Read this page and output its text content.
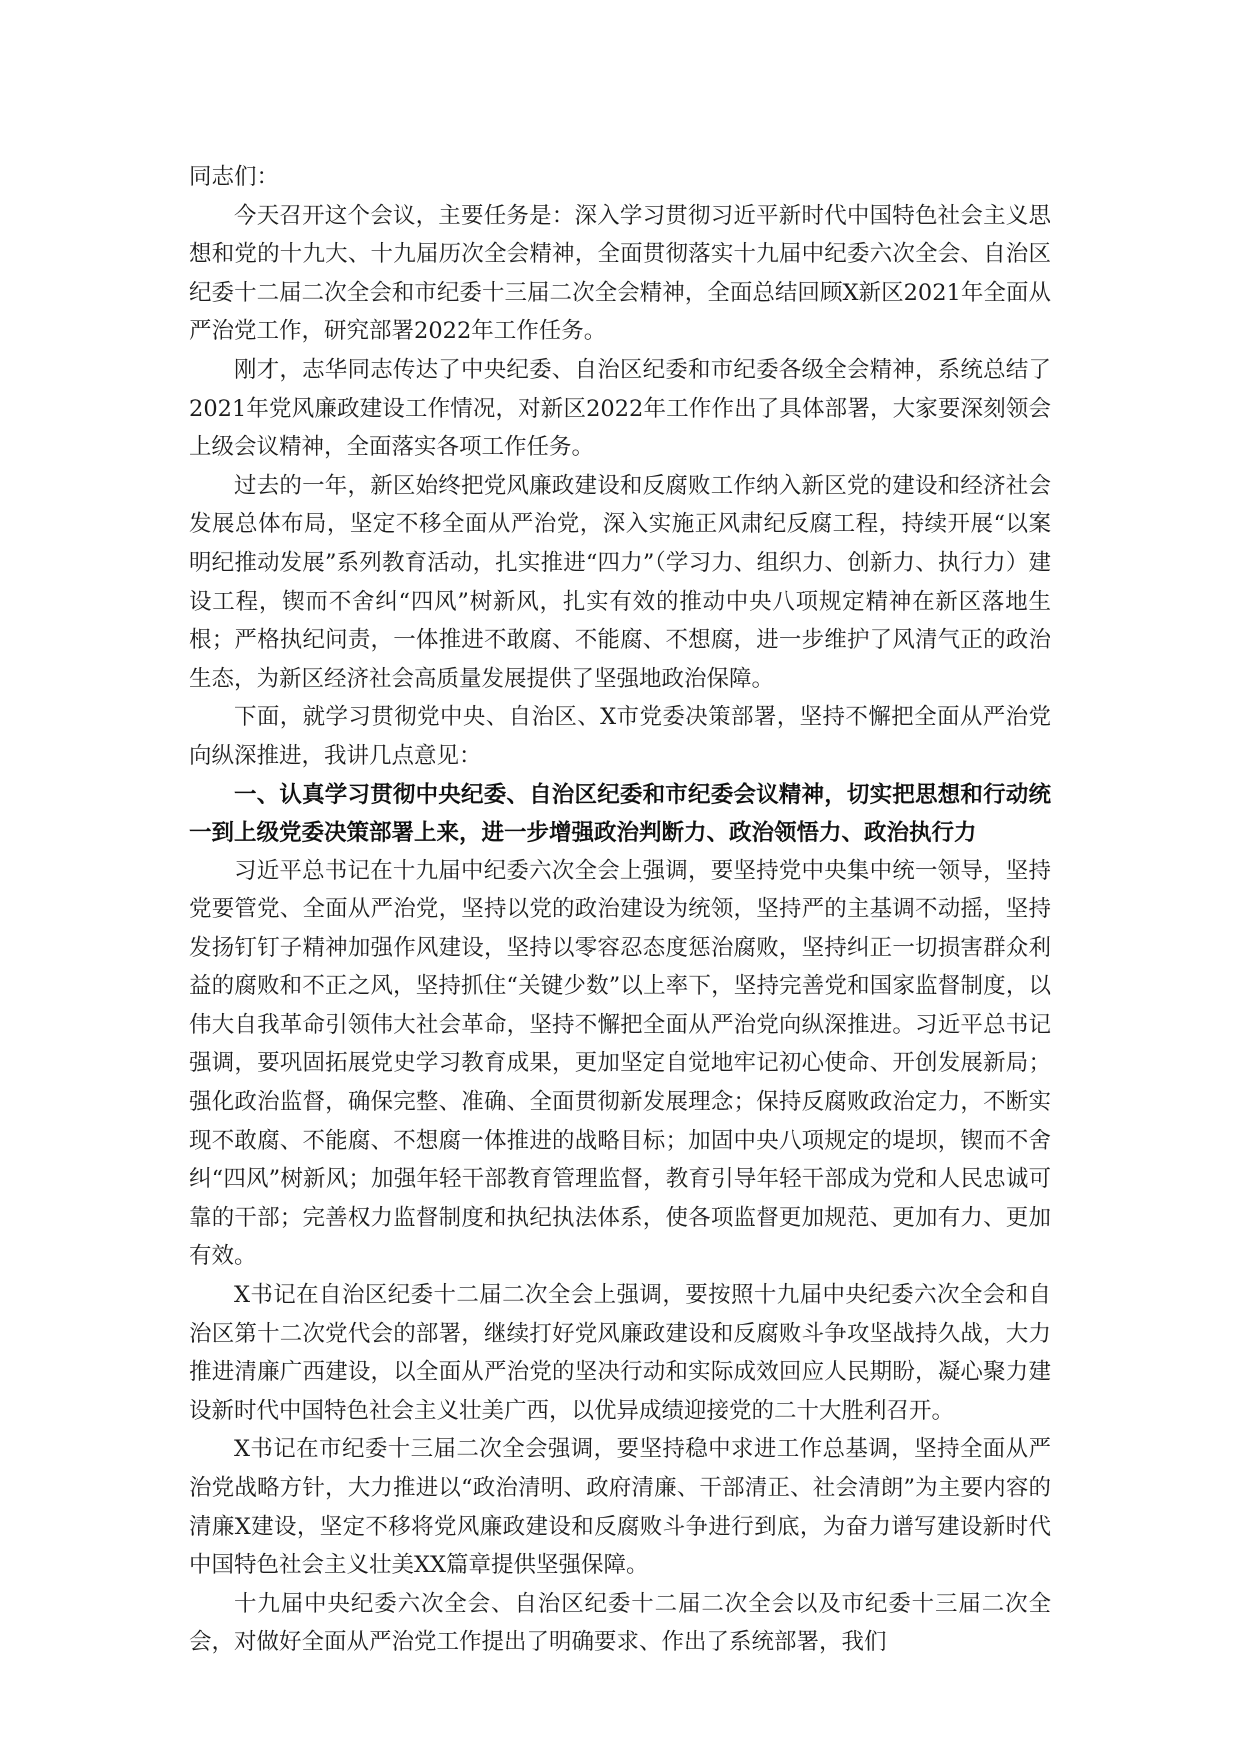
同志们：

今天召开这个会议，主要任务是：深入学习贯彻习近平新时代中国特色社会主义思想和党的十九大、十九届历次全会精神，全面贯彻落实十九届中纪委六次全会、自治区纪委十二届二次全会和市纪委十三届二次全会精神，全面总结回顾X新区2021年全面从严治党工作，研究部署2022年工作任务。

刚才，志华同志传达了中央纪委、自治区纪委和市纪委各级全会精神，系统总结了2021年党风廉政建设工作情况，对新区2022年工作作出了具体部署，大家要深刻领会上级会议精神，全面落实各项工作任务。

过去的一年，新区始终把党风廉政建设和反腐败工作纳入新区党的建设和经济社会发展总体布局，坚定不移全面从严治党，深入实施正风肃纪反腐工程，持续开展“以案明纪推动发展”系列教育活动，扎实推进“四力”（学习力、组织力、创新力、执行力）建设工程，锲而不舍纠“四风”树新风，扎实有效的推动中央八项规定精神在新区落地生根；严格执纪问责，一体推进不敢腐、不能腐、不想腐，进一步维护了风清气正的政治生态，为新区经济社会高质量发展提供了坚强地政治保障。

下面，就学习贯彻党中央、自治区、X市党委决策部署，坚持不懈把全面从严治党向纵深推进，我讲几点意见：

一、认真学习贯彻中央纪委、自治区纪委和市纪委会议精神，切实把思想和行动统一到上级党委决策部署上来，进一步增强政治判断力、政治领悟力、政治执行力

习近平总书记在十九届中纪委六次全会上强调，要坚持党中央集中统一领导，坚持党要管党、全面从严治党，坚持以党的政治建设为统领，坚持严的主基调不动摇，坚持发扬钉钉子精神加强作风建设，坚持以零容忍态度惩治腐败，坚持纠正一切损害群众利益的腐败和不正之风，坚持抓住“关键少数”以上率下，坚持完善党和国家监督制度，以伟大自我革命引领伟大社会革命，坚持不懈把全面从严治党向纵深推进。习近平总书记强调，要巩固拓展党史学习教育成果，更加坚定自觉地牢记初心使命、开创发展新局；强化政治监督，确保完整、准确、全面贯彻新发展理念；保持反腐败政治定力，不断实现不敢腐、不能腐、不想腐一体推进的战略目标；加固中央八项规定的堤坝，锲而不舍纠“四风”树新风；加强年轻干部教育管理监督，教育引导年轻干部成为党和人民忠诚可靠的干部；完善权力监督制度和执纪执法体系，使各项监督更加规范、更加有力、更加有效。

X书记在自治区纪委十二届二次全会上强调，要按照十九届中央纪委六次全会和自治区第十二次党代会的部署，继续打好党风廉政建设和反腐败斗争攻坚战持久战，大力推进清廉广西建设，以全面从严治党的坚决行动和实际成效回应人民期盼，凝心聚力建设新时代中国特色社会主义壮美广西，以优异成绩迎接党的二十大胜利召开。

X书记在市纪委十三届二次全会强调，要坚持稳中求进工作总基调，坚持全面从严治党战略方针，大力推进以“政治清明、政府清廉、干部清正、社会清朗”为主要内容的清廉X建设，坚定不移将党风廉政建设和反腐败斗争进行到底，为奋力谱写建设新时代中国特色社会主义壮美XX篇章提供坚强保障。

十九届中央纪委六次全会、自治区纪委十二届二次全会以及市纪委十三届二次全会，对做好全面从严治党工作提出了明确要求、作出了系统部署，我们
